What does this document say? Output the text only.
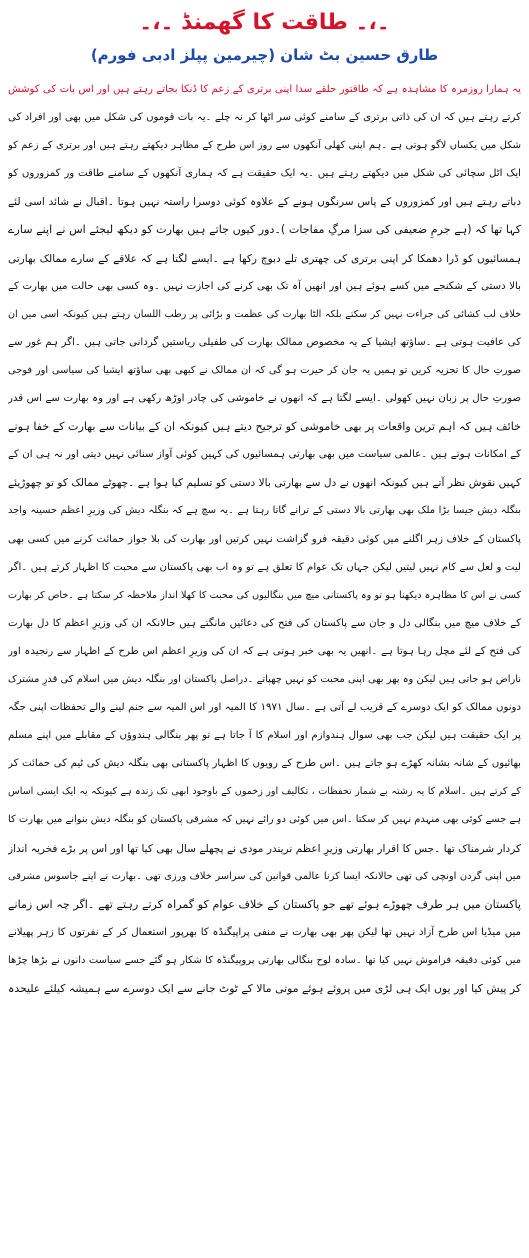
۔،۔ طاقت کا گھمنڈ ۔،۔
طارق حسین بٹ شان (چیرمین پپلز ادبی فورم)
یہ ہمارا روزمرہ کا مشاہدہ ہے کہ طاقتور حلقے سدا اپنی برتری کے زعم کا ڈنکا بجاتے رہتے ہیں اور اس بات کی کوشش
کرتے رہتے ہیں کہ ان کی ذاتی برتری کے سامنے کوئی سر اٹھا کر نہ چلے ۔یہ بات قوموں کی شکل میں بھی اور افراد کی
شکل میں یکساں لاگو ہوتی ہے ۔ہم اپنی کھلی آنکھوں سے روز اس طرح کے مظاہر دیکھتے رہتے ہیں اور برتری کے زعم کو
ایک اٹل سچائی کی شکل میں دیکھتے رہتے ہیں ۔یہ ایک حقیقت ہے کہ ہماری آنکھوں کے سامنے طاقت ور کمزوروں کو
دباتے رہتے ہیں اور کمزوروں کے پاس سرنگوں ہونے کے علاوہ کوئی دوسرا راستہ نہیں ہوتا ۔اقبال نے شائد اسی لئے
کہا تھا کہ (ہے جرمِ ضعیفی کی سزا مرگِ مفاجات )۔دور کیوں جاتے ہیں بھارت کو دیکھ لیجئے اس نے اپنے سارے
ہمسائیوں کو ڈرا دھمکا کر اپنی برتری کی چھتری تلے دبوچ رکھا ہے ۔ایسے لگتا ہے کہ علاقے کے سارے ممالک بھارتی
بالا دستی کے شکنجے میں کسے ہوئے ہیں اور انھیں آہ تک بھی کرنے کی اجازت نہیں ۔وہ کسی بھی حالت میں بھارت کے
خلاف لب کشائی کی جراءت نہیں کر سکتے بلکہ الٹا بھارت کی عظمت و بڑائی پر رطب اللسان رہتے ہیں کیونکہ اسی میں ان
کی عافیت ہوتی ہے ۔ساؤتھ ایشیا کے یہ مخصوص ممالک بھارت کی طفیلی ریاستیں گردانی جاتی ہیں ۔اگر ہم غور سے
صورتِ حال کا تجزیہ کریں تو ہمیں یہ جان کر حیرت ہو گی کہ ان ممالک نے کبھی بھی ساؤتھ ایشیا کی سیاسی اور فوجی
صورتِ حال پر زبان نہیں کھولی ۔ایسے لگتا ہے کہ انھوں نے خاموشی کی چادر اوڑھ رکھی ہے اور وہ بھارت سے اس قدر
خائف ہیں کہ اہم ترین واقعات پر بھی خاموشی کو ترجیح دیتے ہیں کیونکہ ان کے بیانات سے بھارت کے خفا ہونے
کے امکانات ہوتے ہیں ۔عالمی سیاست میں بھی بھارتی ہمسائیوں کی کہیں کوئی آواز سنائی نہیں دیتی اور نہ ہی ان کے
کہیں نقوش نظر آتے ہیں کیونکہ انھوں نے دل سے بھارتی بالا دستی کو تسلیم کیا ہوا ہے ۔چھوٹے ممالک کو تو چھوڑیئے
بنگلہ دیش جیسا بڑا ملک بھی بھارتی بالا دستی کے ترانے گاتا رہتا ہے ۔یہ سچ ہے کہ بنگلہ دیش کی وزیرِ اعظم حسینہ واجد
پاکستان کے خلاف زہر اگلنے میں کوئی دقیقہ فرو گزاشت نہیں کرتیں اور بھارت کی بلا جواز حمائت کرنے میں کسی بھی
لیت و لعل سے کام نہیں لیتیں لیکن جہاں تک عوام کا تعلق ہے تو وہ اب بھی پاکستان سے محبت کا اظہار کرتے ہیں ۔اگر
کسی نے اس کا مظاہرہ دیکھنا ہو تو وہ پاکستانی میچ میں بنگالیوں کی محبت کا کھلا انداز ملاحظہ کر سکتا ہے ۔خاص کر بھارت
کے خلاف میچ میں بنگالی دل و جان سے پاکستان کی فتح کی دعائیں مانگتے ہیں حالانکہ ان کی وزیرِ اعظم کا دل بھارت
کی فتح کے لئے مچل رہا ہوتا ہے ۔انھیں یہ بھی خبر ہوتی ہے کہ ان کی وزیرِ اعظم اس طرح کے اظہار سے رنجیدہ اور
ناراض ہو جاتی ہیں لیکن وہ پھر بھی اپنی محبت کو نہیں چھپاتے ۔دراصل پاکستان اور بنگلہ دیش میں اسلام کی قدرِ مشترک
دونوں ممالک کو ایک دوسرے کے قریب لے آتی ہے ۔سال ۱۹۷۱ کا المیہ اور اس المیہ سے جنم لینے والے تحفظات اپنی جگہ
پر ایک حقیقت ہیں لیکن جب بھی سوال ہندوازم اور اسلام کا آ جاتا ہے تو پھر بنگالی ہندوؤں کے مقابلے میں اپنے مسلم
بھائیوں کے شانہ بشانہ کھڑے ہو جاتے ہیں ۔اس طرح کے رویوں کا اظہار پاکستانی بھی بنگلہ دیش کی ٹیم کی حمائت کر
کے کرتے ہیں ۔اسلام کا یہ رشتہ بے شمار تحفظات ، تکالیف اور زخموں کے باوجود ابھی تک زندہ ہے کیونکہ یہ ایک ایسی اساس
ہے جسے کوئی بھی منہدم نہیں کر سکتا ۔اس میں کوئی دو رائے نہیں کہ مشرقی پاکستان کو بنگلہ دیش بنوانے میں بھارت کا
کردار شرمناک تھا ۔جس کا اقرار بھارتی وزیرِ اعظم نریندر مودی نے پچھلے سال بھی کیا تھا اور اس پر بڑے فخریہ انداز
میں اپنی گردن اونچی کی تھی حالانکہ ایسا کرنا عالمی قوانین کی سراسر خلاف ورزی تھی ۔بھارت نے اپنے جاسوس مشرقی
پاکستان میں ہر طرف چھوڑے ہوئے تھے جو پاکستان کے خلاف عوام کو گمراہ کرتے رہتے تھے ۔اگر چہ اس زمانے
میں میڈیا اس طرح آزاد نہیں تھا لیکن پھر بھی بھارت نے منفی پراپیگنڈہ کا بھرپور استعمال کر کے نفرتوں کا زہر پھیلانے
میں کوئی دقیقہ فراموش نہیں کیا تھا ۔سادہ لوح بنگالی بھارتی پروپیگنڈہ کا شکار ہو گئے جسے سیاست دانوں نے بڑھا چڑھا
کر پیش کیا اور یوں ایک ہی لڑی میں پروئے ہوئے موتی مالا کے ٹوٹ جانے سے ایک دوسرے سے ہمیشہ کیلئے علیحدہ
